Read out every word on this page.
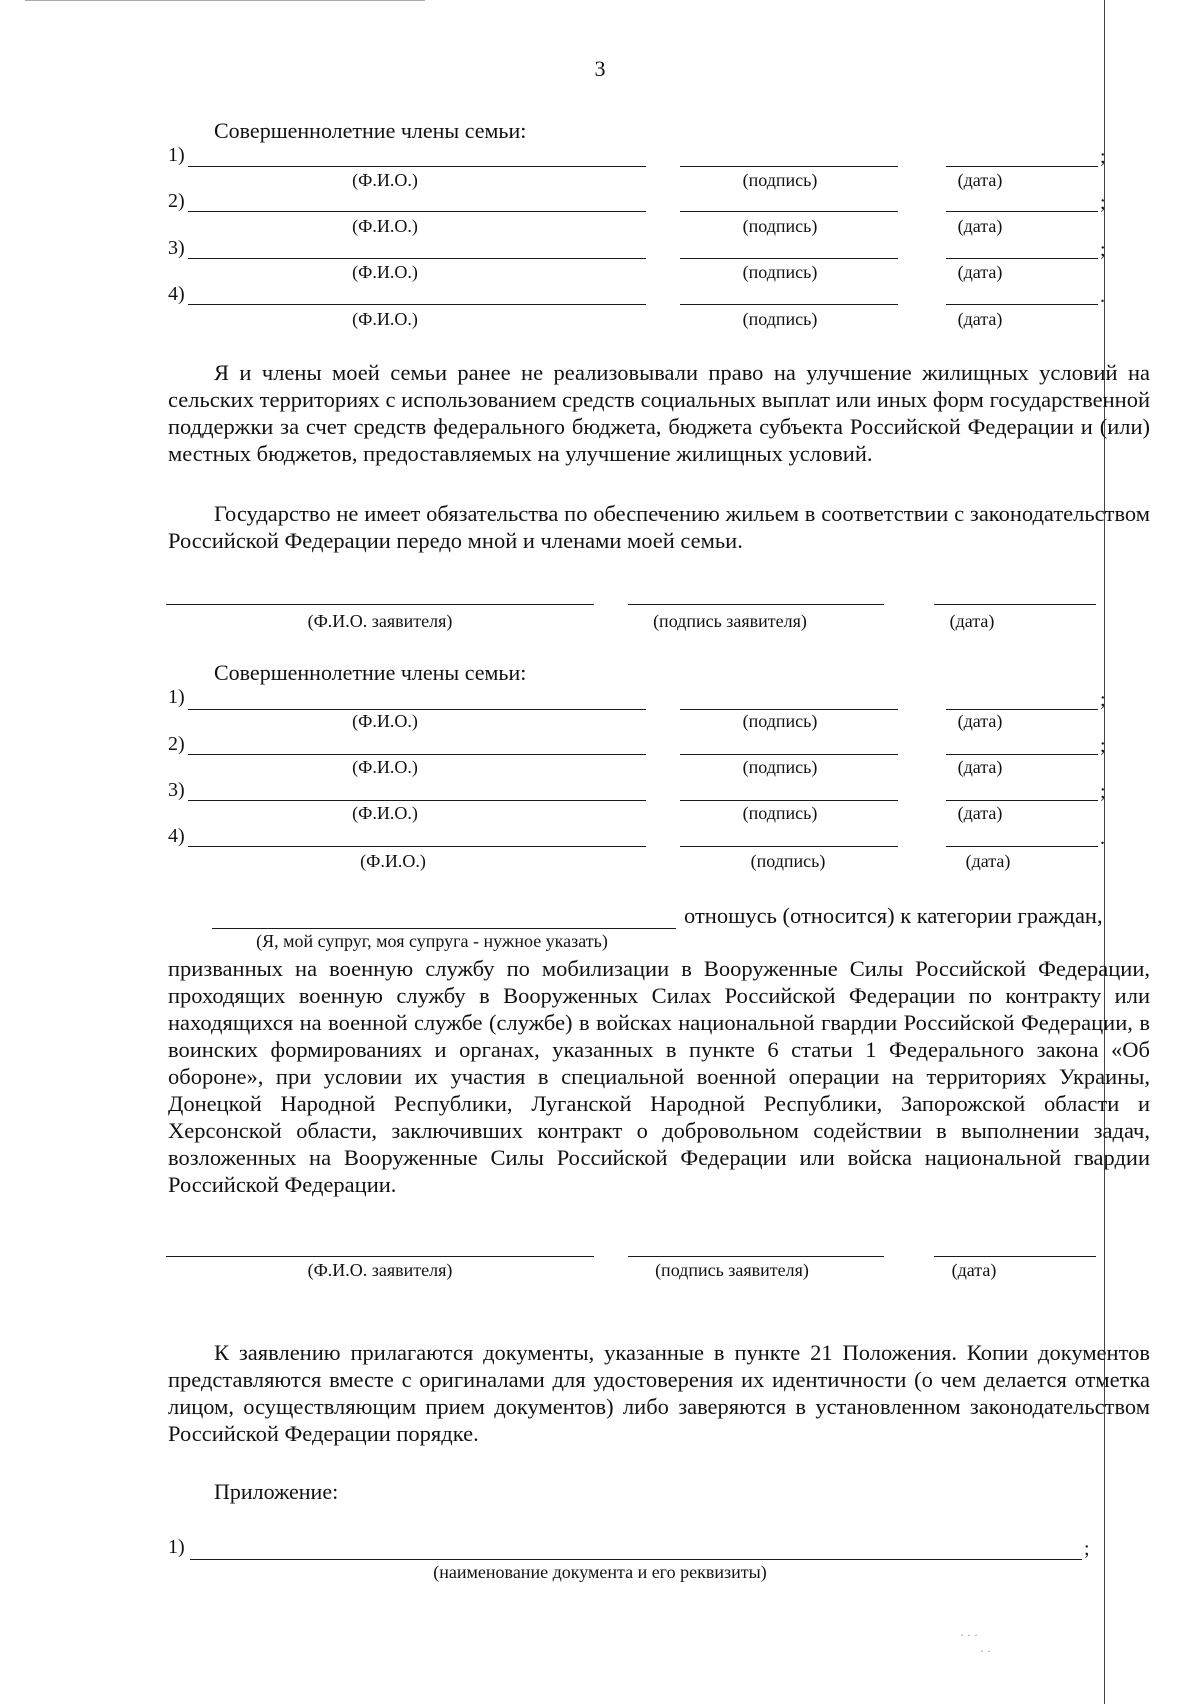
3
Совершеннолетние члены семьи:
1)	;
(Ф.И.О.)	(подпись)	(дата)
2)	;
(Ф.И.О.)	(подпись)	(дата)
3)	;
(Ф.И.О.)	(подпись)	(дата)
4)	.
(Ф.И.О.)	(подпись)	(дата)
Я и члены моей семьи ранее не реализовывали право на улучшение жилищных условий на сельских территориях с использованием средств социальных выплат или иных форм государственной поддержки за счет средств федерального бюджета, бюджета субъекта Российской Федерации и (или) местных бюджетов, предоставляемых на улучшение жилищных условий.
Государство не имеет обязательства по обеспечению жильем в соответствии с законодательством Российской Федерации передо мной и членами моей семьи.
(Ф.И.О. заявителя)	(подпись заявителя)	(дата)
Совершеннолетние члены семьи:
1)	;
(Ф.И.О.)	(подпись)	(дата)
2)	;
(Ф.И.О.)	(подпись)	(дата)
3)	;
(Ф.И.О.)	(подпись)	(дата)
4)	.
(Ф.И.О.)	(подпись)	(дата)
отношусь (относится) к категории граждан,
(Я, мой супруг, моя супруга - нужное указать)
призванных на военную службу по мобилизации в Вооруженные Силы Российской Федерации, проходящих военную службу в Вооруженных Силах Российской Федерации по контракту или находящихся на военной службе (службе) в войсках национальной гвардии Российской Федерации, в воинских формированиях и органах, указанных в пункте 6 статьи 1 Федерального закона «Об обороне», при условии их участия в специальной военной операции на территориях Украины, Донецкой Народной Республики, Луганской Народной Республики, Запорожской области и Херсонской области, заключивших контракт о добровольном содействии в выполнении задач, возложенных на Вооруженные Силы Российской Федерации или войска национальной гвардии Российской Федерации.
(Ф.И.О. заявителя)	(подпись заявителя)	(дата)
К заявлению прилагаются документы, указанные в пункте 21 Положения. Копии документов представляются вместе с оригиналами для удостоверения их идентичности (о чем делается отметка лицом, осуществляющим прием документов) либо заверяются в установленном законодательством Российской Федерации порядке.
Приложение:
1)	;
(наименование документа и его реквизиты)
· · ·
· ·
